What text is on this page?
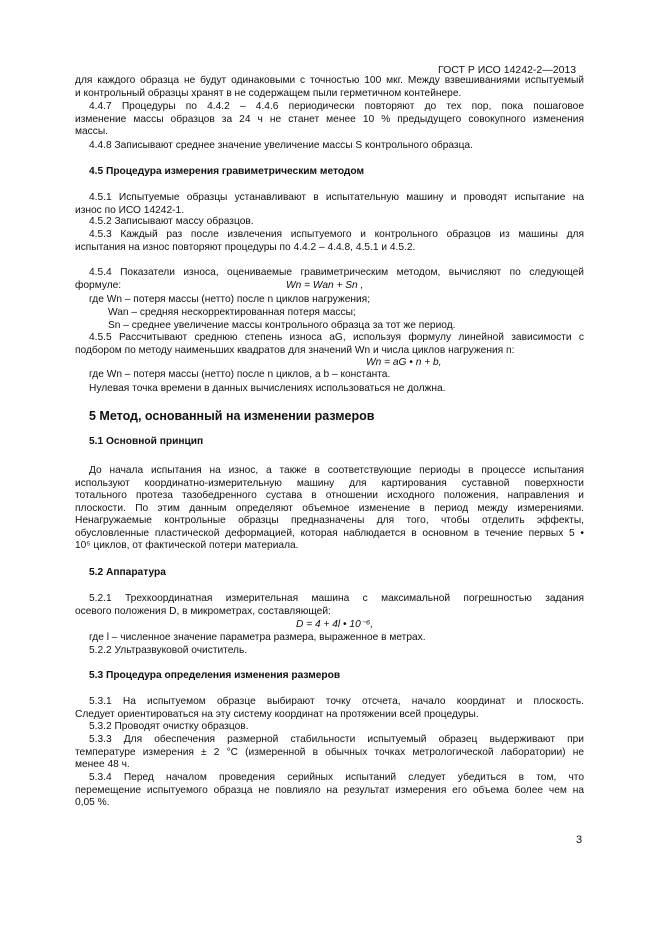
ГОСТ Р ИСО 14242-2—2013
для каждого образца не будут одинаковыми с точностью 100 мкг. Между взвешиваниями испытуемый
и контрольный образцы хранят в не содержащем пыли герметичном контейнере.
4.4.7 Процедуры по 4.4.2 – 4.4.6 периодически повторяют до тех пор, пока пошаговое
изменение массы образцов за 24 ч не станет менее 10 % предыдущего совокупного изменения
массы.
4.4.8 Записывают среднее значение увеличение массы S контрольного образца.
4.5 Процедура измерения гравиметрическим методом
4.5.1 Испытуемые образцы устанавливают в испытательную машину и проводят испытание на
износ по ИСО 14242-1.
4.5.2 Записывают массу образцов.
4.5.3 Каждый раз после извлечения испытуемого и контрольного образцов из машины для
испытания на износ повторяют процедуры по 4.4.2 – 4.4.8, 4.5.1 и 4.5.2.
4.5.4 Показатели износа, оцениваемые гравиметрическим методом, вычисляют по следующей
формуле:	Wn = Wan + Sn ,
где Wn – потеря массы (нетто) после n циклов нагружения;
Wan – средняя нескорректированная потеря массы;
Sn – среднее увеличение массы контрольного образца за тот же период.
4.5.5 Рассчитывают среднюю степень износа aG, используя формулу линейной зависимости с
подбором по методу наименьших квадратов для значений Wn и числа циклов нагружения n:
Wn = aG • n + b,
где Wn – потеря массы (нетто) после n циклов, а b – константа.
Нулевая точка времени в данных вычислениях использоваться не должна.
5 Метод, основанный на изменении размеров
5.1 Основной принцип
До начала испытания на износ, а также в соответствующие периоды в процессе испытания
используют координатно-измерительную машину для картирования суставной поверхности
тотального протеза тазобедренного сустава в отношении исходного положения, направления и
плоскости. По этим данным определяют объемное изменение в период между измерениями.
Ненагружаемые контрольные образцы предназначены для того, чтобы отделить эффекты,
обусловленные пластической деформацией, которая наблюдается в основном в течение первых 5 •
10⁵ циклов, от фактической потери материала.
5.2 Аппаратура
5.2.1 Трехкоординатная измерительная машина с максимальной погрешностью задания
осевого положения D, в микрометрах, составляющей:
D = 4 + 4l • 10⁻⁶,
где l – численное значение параметра размера, выраженное в метрах.
5.2.2 Ультразвуковой очиститель.
5.3 Процедура определения изменения размеров
5.3.1 На испытуемом образце выбирают точку отсчета, начало координат и плоскость.
Следует ориентироваться на эту систему координат на протяжении всей процедуры.
5.3.2 Проводят очистку образцов.
5.3.3 Для обеспечения размерной стабильности испытуемый образец выдерживают при
температуре измерения ± 2 °С (измеренной в обычных точках метрологической лаборатории) не
менее 48 ч.
5.3.4 Перед началом проведения серийных испытаний следует убедиться в том, что
перемещение испытуемого образца не повлияло на результат измерения его объема более чем на
0,05 %.
3
